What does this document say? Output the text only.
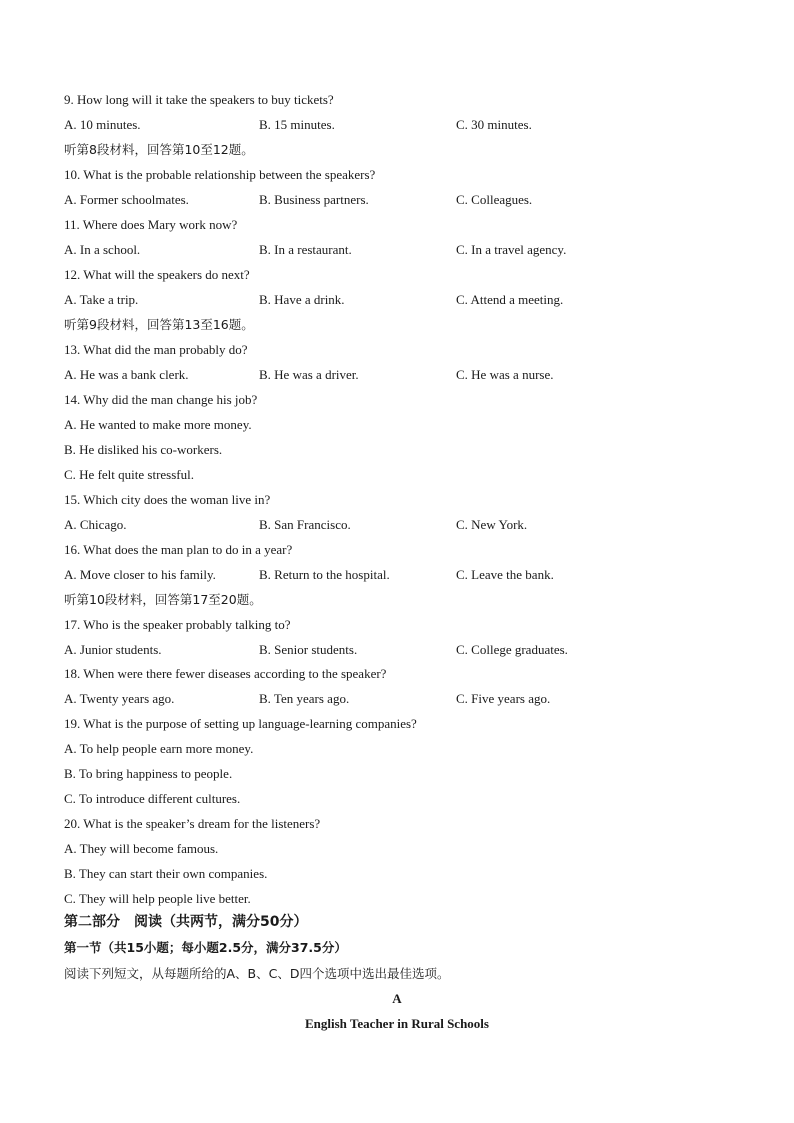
9. How long will it take the speakers to buy tickets?
A. 10 minutes.	B. 15 minutes.	C. 30 minutes.
听第8段材料，回答第10至12题。
10. What is the probable relationship between the speakers?
A. Former schoolmates.	B. Business partners.	C. Colleagues.
11. Where does Mary work now?
A. In a school.	B. In a restaurant.	C. In a travel agency.
12. What will the speakers do next?
A. Take a trip.	B. Have a drink.	C. Attend a meeting.
听第9段材料，回答第13至16题。
13. What did the man probably do?
A. He was a bank clerk.	B. He was a driver.	C. He was a nurse.
14. Why did the man change his job?
A. He wanted to make more money.
B. He disliked his co-workers.
C. He felt quite stressful.
15. Which city does the woman live in?
A. Chicago.	B. San Francisco.	C. New York.
16. What does the man plan to do in a year?
A. Move closer to his family.	B. Return to the hospital.	C. Leave the bank.
听第10段材料，回答第17至20题。
17. Who is the speaker probably talking to?
A. Junior students.	B. Senior students.	C. College graduates.
18. When were there fewer diseases according to the speaker?
A. Twenty years ago.	B. Ten years ago.	C. Five years ago.
19. What is the purpose of setting up language-learning companies?
A. To help people earn more money.
B. To bring happiness to people.
C. To introduce different cultures.
20. What is the speaker’s dream for the listeners?
A. They will become famous.
B. They can start their own companies.
C. They will help people live better.
第二部分　阅读（共两节，满分50分）
第一节（共15小题；每小题2.5分，满分37.5分）
阅读下列短文，从每题所给的A、B、C、D四个选项中选出最佳选项。
A
English Teacher in Rural Schools
